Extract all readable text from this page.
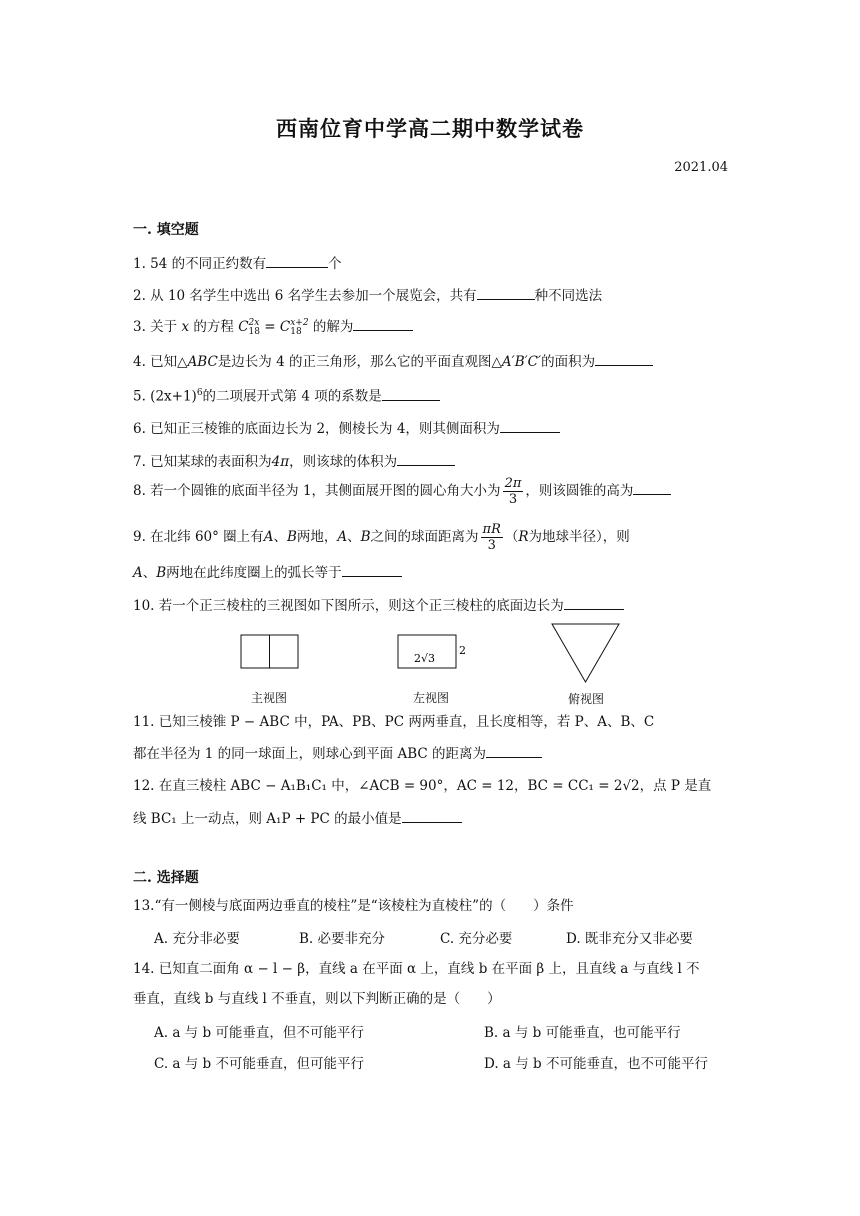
西南位育中学高二期中数学试卷
2021.04
一. 填空题
1. 54 的不同正约数有	个
2. 从 10 名学生中选出 6 名学生去参加一个展览会，共有	种不同选法
3. 关于 x 的方程 C 2x
18 = C x+2
18 的解为
4. 已知△ABC是边长为 4 的正三角形，那么它的平面直观图△A′B′C′的面积为
5. $(2x+1)^6$的二项展开式第 4 项的系数是
6. 已知正三棱锥的底面边长为 2，侧棱长为 4，则其侧面积为
7. 已知某球的表面积为4π，则该球的体积为
8. 若一个圆锥的底面半径为 1，其侧面展开图的圆心角大小为 $\frac{2\pi}{3}$ ，则该圆锥的高为
9. 在北纬 60° 圈上有A、B两地，A、B之间的球面距离为 $\frac{\pi R}{3} (R$为地球半径），则
A、B两地在此纬度圈上的弧长等于
10. 若一个正三棱柱的三视图如下图所示，则这个正三棱柱的底面边长为
主视图
2√3
2
左视图	俯视图
11. 已知三棱锥 P − ABC 中，PA、PB、PC 两两垂直，且长度相等，若 P、A、B、C
都在半径为 1 的同一球面上，则球心到平面 ABC 的距离为
12. 在直三棱柱 ABC − A₁B₁C₁ 中，∠ACB = 90°，AC = 12，BC = CC₁ = 2√2，点 P 是直
线 BC₁ 上一动点，则 A₁P + PC 的最小值是
二. 选择题
13.“有一侧棱与底面两边垂直的棱柱”是“该棱柱为直棱柱”的（　　）条件
A. 充分非必要	B. 必要非充分	C. 充分必要	D. 既非充分又非必要
14. 已知直二面角 α − l − β，直线 a 在平面 α 上，直线 b 在平面 β 上，且直线 a 与直线 l 不
垂直，直线 b 与直线 l 不垂直，则以下判断正确的是（　　）
A. a 与 b 可能垂直，但不可能平行	B. a 与 b 可能垂直，也可能平行
C. a 与 b 不可能垂直，但可能平行	D. a 与 b 不可能垂直，也不可能平行
